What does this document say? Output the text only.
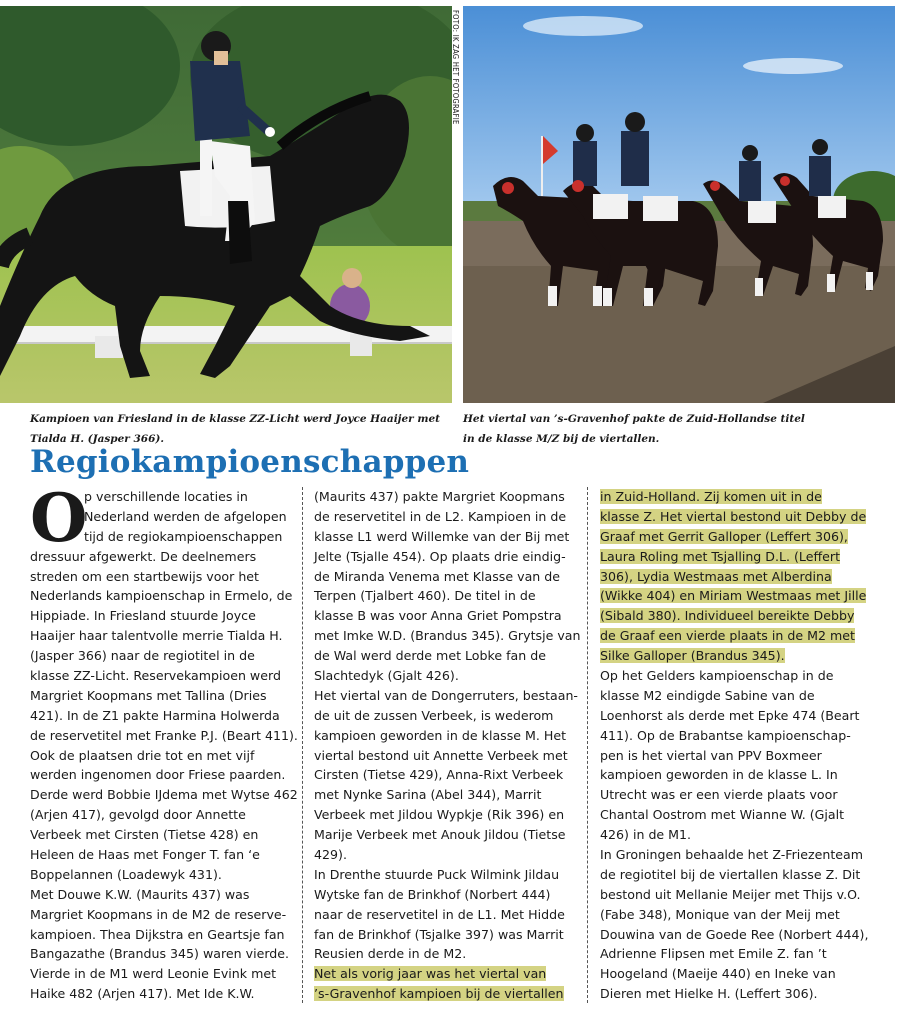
FOTO: IK ZAG HET FOTOGRAFIE
Kampioen van Friesland in de klasse ZZ-Licht werd Joyce Haaijer met
Tialda H. (Jasper 366).
Het viertal van ’s-Gravenhof pakte de Zuid-Hollandse titel
in de klasse M/Z bij de viertallen.
Regiokampioenschappen
O
p verschillende locaties in
Nederland werden de afgelopen
tijd de regiokampioenschappen
dressuur afgewerkt. De deelnemers
streden om een startbewijs voor het
Nederlands kampioenschap in Ermelo, de
Hippiade. In Friesland stuurde Joyce
Haaijer haar talentvolle merrie Tialda H.
(Jasper 366) naar de regiotitel in de
klasse ZZ-Licht. Reservekampioen werd
Margriet Koopmans met Tallina (Dries
421). In de Z1 pakte Harmina Holwerda
de reservetitel met Franke P.J. (Beart 411).
Ook de plaatsen drie tot en met vijf
werden ingenomen door Friese paarden.
Derde werd Bobbie IJdema met Wytse 462
(Arjen 417), gevolgd door Annette
Verbeek met Cirsten (Tietse 428) en
Heleen de Haas met Fonger T. fan ‘e
Boppelannen (Loadewyk 431).
Met Douwe K.W. (Maurits 437) was
Margriet Koopmans in de M2 de reserve-
kampioen. Thea Dijkstra en Geartsje fan
Bangazathe (Brandus 345) waren vierde.
Vierde in de M1 werd Leonie Evink met
Haike 482 (Arjen 417). Met Ide K.W.
(Maurits 437) pakte Margriet Koopmans
de reservetitel in de L2. Kampioen in de
klasse L1 werd Willemke van der Bij met
Jelte (Tsjalle 454). Op plaats drie eindig-
de Miranda Venema met Klasse van de
Terpen (Tjalbert 460). De titel in de
klasse B was voor Anna Griet Pompstra
met Imke W.D. (Brandus 345). Grytsje van
de Wal werd derde met Lobke fan de
Slachtedyk (Gjalt 426).
Het viertal van de Dongerruters, bestaan-
de uit de zussen Verbeek, is wederom
kampioen geworden in de klasse M. Het
viertal bestond uit Annette Verbeek met
Cirsten (Tietse 429), Anna-Rixt Verbeek
met Nynke Sarina (Abel 344), Marrit
Verbeek met Jildou Wypkje (Rik 396) en
Marije Verbeek met Anouk Jildou (Tietse
429).
In Drenthe stuurde Puck Wilmink Jildau
Wytske fan de Brinkhof (Norbert 444)
naar de reservetitel in de L1. Met Hidde
fan de Brinkhof (Tsjalke 397) was Marrit
Reusien derde in de M2.
Net als vorig jaar was het viertal van
’s-Gravenhof kampioen bij de viertallen
in Zuid-Holland. Zij komen uit in de
klasse Z. Het viertal bestond uit Debby de
Graaf met Gerrit Galloper (Leffert 306),
Laura Roling met Tsjalling D.L. (Leffert
306), Lydia Westmaas met Alberdina
(Wikke 404) en Miriam Westmaas met Jille
(Sibald 380). Individueel bereikte Debby
de Graaf een vierde plaats in de M2 met
Silke Galloper (Brandus 345).
Op het Gelders kampioenschap in de
klasse M2 eindigde Sabine van de
Loenhorst als derde met Epke 474 (Beart
411). Op de Brabantse kampioenschap-
pen is het viertal van PPV Boxmeer
kampioen geworden in de klasse L. In
Utrecht was er een vierde plaats voor
Chantal Oostrom met Wianne W. (Gjalt
426) in de M1.
In Groningen behaalde het Z-Friezenteam
de regiotitel bij de viertallen klasse Z. Dit
bestond uit Mellanie Meijer met Thijs v.O.
(Fabe 348), Monique van der Meij met
Douwina van de Goede Ree (Norbert 444),
Adrienne Flipsen met Emile Z. fan ’t
Hoogeland (Maeije 440) en Ineke van
Dieren met Hielke H. (Leffert 306).
